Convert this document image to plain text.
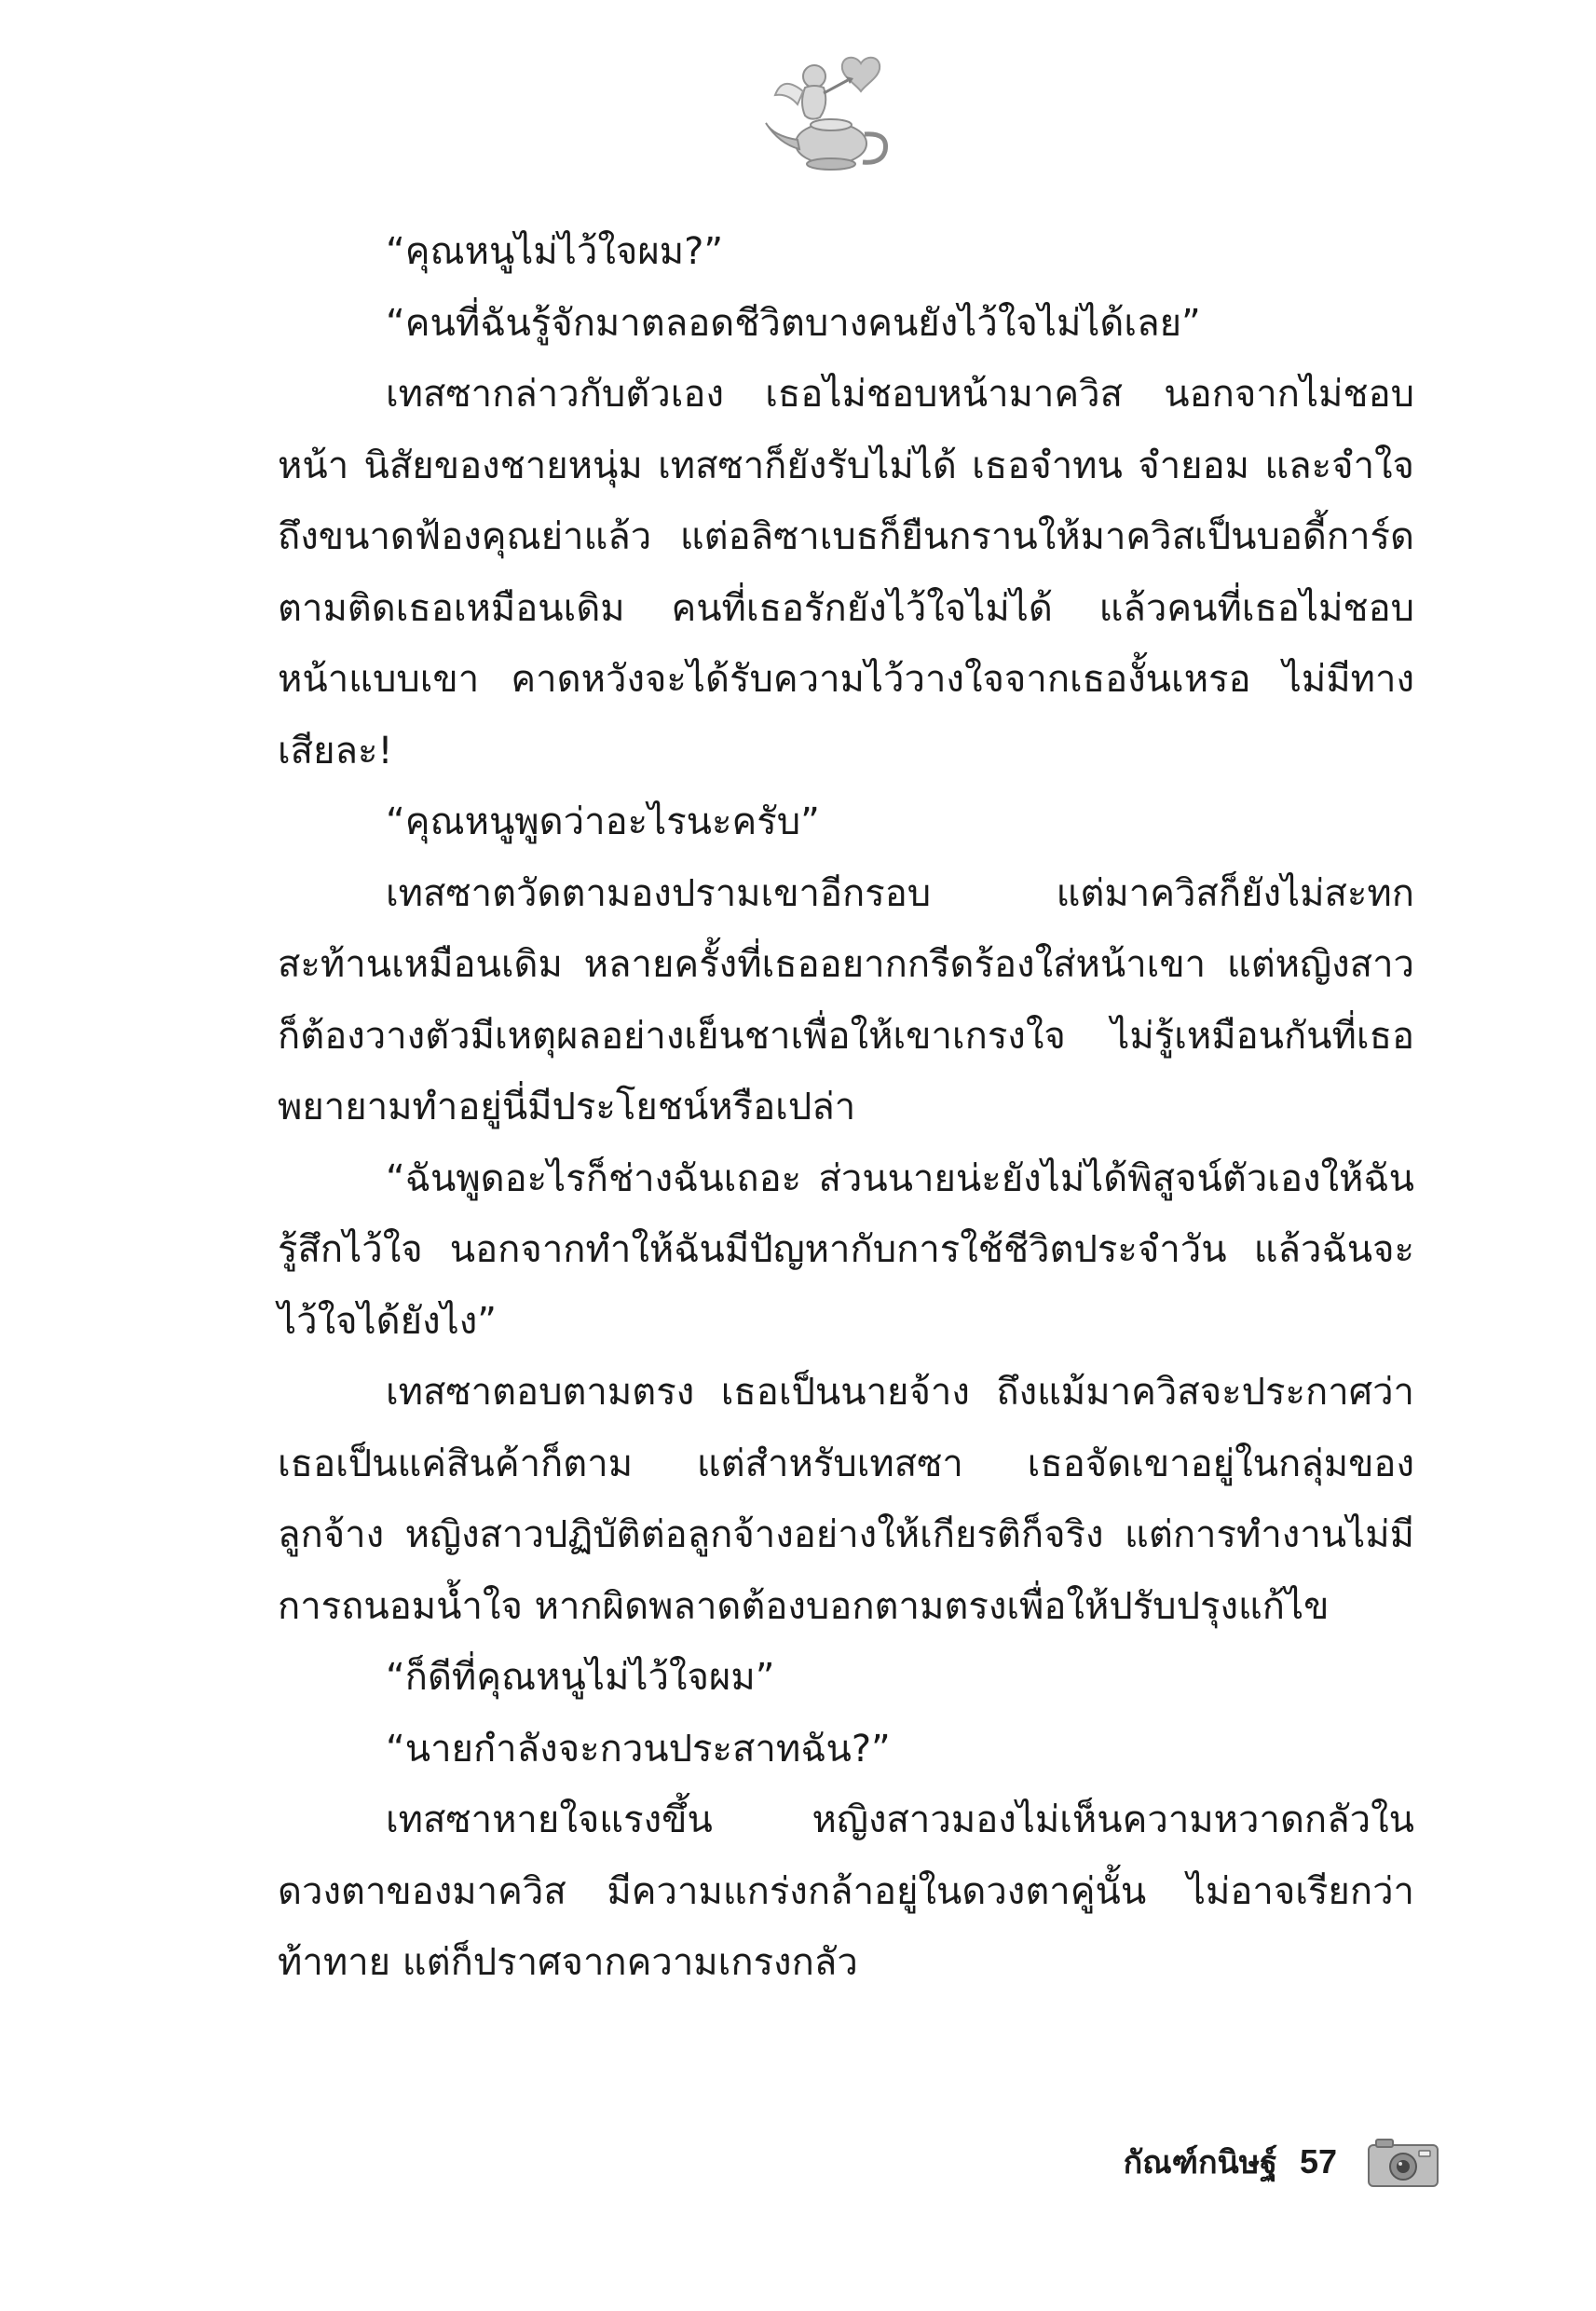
“คุณหนูไม่ไว้ใจผม?”

“คนที่ฉันรู้จักมาตลอดชีวิตบางคนยังไว้ใจไม่ได้เลย”

เทสซากล่าวกับตัวเอง เธอไม่ชอบหน้ามาควิส นอกจากไม่ชอบหน้า นิสัยของชายหนุ่ม เทสซาก็ยังรับไม่ได้ เธอจำทน จำยอม และจำใจ ถึงขนาดฟ้องคุณย่าแล้ว แต่อลิซาเบธก็ยืนกรานให้มาควิสเป็นบอดี้การ์ดตามติดเธอเหมือนเดิม คนที่เธอรักยังไว้ใจไม่ได้ แล้วคนที่เธอไม่ชอบหน้าแบบเขา คาดหวังจะได้รับความไว้วางใจจากเธองั้นเหรอ ไม่มีทางเสียละ!

“คุณหนูพูดว่าอะไรนะครับ”

เทสซาตวัดตามองปรามเขาอีกรอบ แต่มาควิสก็ยังไม่สะทกสะท้านเหมือนเดิม หลายครั้งที่เธออยากกรีดร้องใส่หน้าเขา แต่หญิงสาวก็ต้องวางตัวมีเหตุผลอย่างเย็นชาเพื่อให้เขาเกรงใจ ไม่รู้เหมือนกันที่เธอพยายามทำอยู่นี่มีประโยชน์หรือเปล่า

“ฉันพูดอะไรก็ช่างฉันเถอะ ส่วนนายน่ะยังไม่ได้พิสูจน์ตัวเองให้ฉันรู้สึกไว้ใจ นอกจากทำให้ฉันมีปัญหากับการใช้ชีวิตประจำวัน แล้วฉันจะไว้ใจได้ยังไง”

เทสซาตอบตามตรง เธอเป็นนายจ้าง ถึงแม้มาควิสจะประกาศว่าเธอเป็นแค่สินค้าก็ตาม แต่สำหรับเทสซา เธอจัดเขาอยู่ในกลุ่มของลูกจ้าง หญิงสาวปฏิบัติต่อลูกจ้างอย่างให้เกียรติก็จริง แต่การทำงานไม่มีการถนอมน้ำใจ หากผิดพลาดต้องบอกตามตรงเพื่อให้ปรับปรุงแก้ไข

“ก็ดีที่คุณหนูไม่ไว้ใจผม”

“นายกำลังจะกวนประสาทฉัน?”

เทสซาหายใจแรงขึ้น หญิงสาวมองไม่เห็นความหวาดกลัวในดวงตาของมาควิส มีความแกร่งกล้าอยู่ในดวงตาคู่นั้น ไม่อาจเรียกว่าท้าทาย แต่ก็ปราศจากความเกรงกลัว

กัณฑ์กนิษฐ์ 57
